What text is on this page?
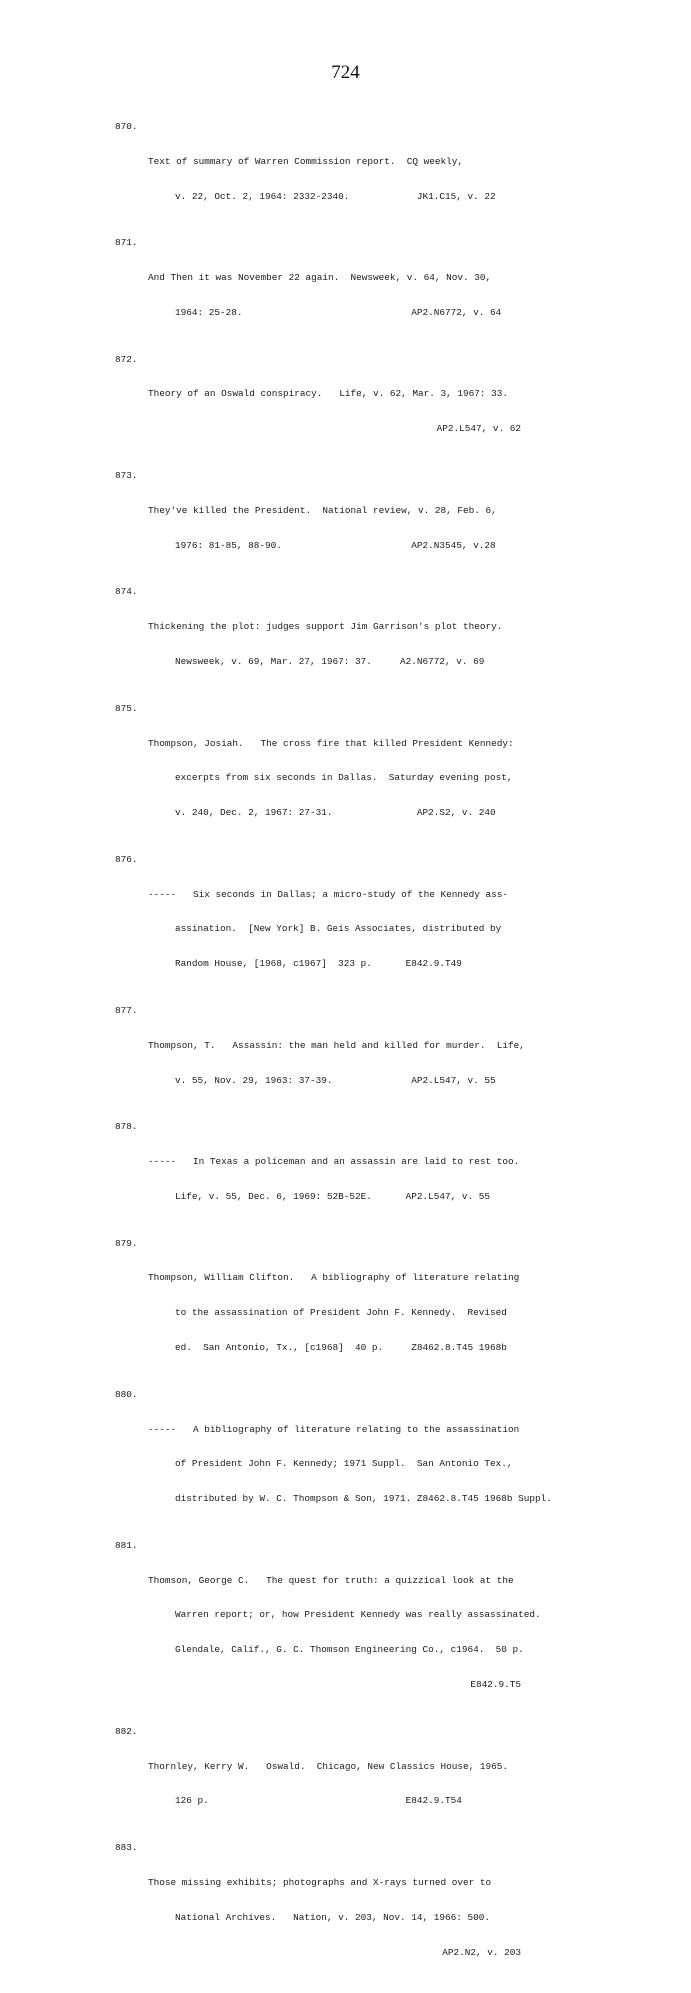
724

870.

Text of summary of Warren Commission report.  CQ weekly,

v. 22, Oct. 2, 1964: 2332-2340.            JK1.C15, v. 22

871.

And Then it was November 22 again.  Newsweek, v. 64, Nov. 30,

1964: 25-28.                              AP2.N6772, v. 64

872.

Theory of an Oswald conspiracy.   Life, v. 62, Mar. 3, 1967: 33.

AP2.L547, v. 62

873.

They've killed the President.  National review, v. 28, Feb. 6,

1976: 81-85, 88-90.                       AP2.N3545, v.28

874.

Thickening the plot: judges support Jim Garrison's plot theory.

Newsweek, v. 69, Mar. 27, 1967: 37.     A2.N6772, v. 69

875.

Thompson, Josiah.   The cross fire that killed President Kennedy:

excerpts from six seconds in Dallas.  Saturday evening post,

v. 240, Dec. 2, 1967: 27-31.               AP2.S2, v. 240

876.

-----   Six seconds in Dallas; a micro-study of the Kennedy ass-

assination.  [New York] B. Geis Associates, distributed by

Random House, [1968, c1967]  323 p.      E842.9.T49

877.

Thompson, T.   Assassin: the man held and killed for murder.  Life,

v. 55, Nov. 29, 1963: 37-39.              AP2.L547, v. 55

878.

-----   In Texas a policeman and an assassin are laid to rest too.

Life, v. 55, Dec. 6, 1969: 52B-52E.      AP2.L547, v. 55

879.

Thompson, William Clifton.   A bibliography of literature relating

to the assassination of President John F. Kennedy.  Revised

ed.  San Antonio, Tx., [c1968]  40 p.     Z8462.8.T45 1968b

880.

-----   A bibliography of literature relating to the assassination

of President John F. Kennedy; 1971 Suppl.  San Antonio Tex.,

distributed by W. C. Thompson & Son, 1971. Z8462.8.T45 1968b Suppl.

881.

Thomson, George C.   The quest for truth: a quizzical look at the

Warren report; or, how President Kennedy was really assassinated.

Glendale, Calif., G. C. Thomson Engineering Co., c1964.  50 p.

E842.9.T5

882.

Thornley, Kerry W.   Oswald.  Chicago, New Classics House, 1965.

126 p.                                   E842.9.T54

883.

Those missing exhibits; photographs and X-rays turned over to

National Archives.   Nation, v. 203, Nov. 14, 1966: 500.

AP2.N2, v. 203
